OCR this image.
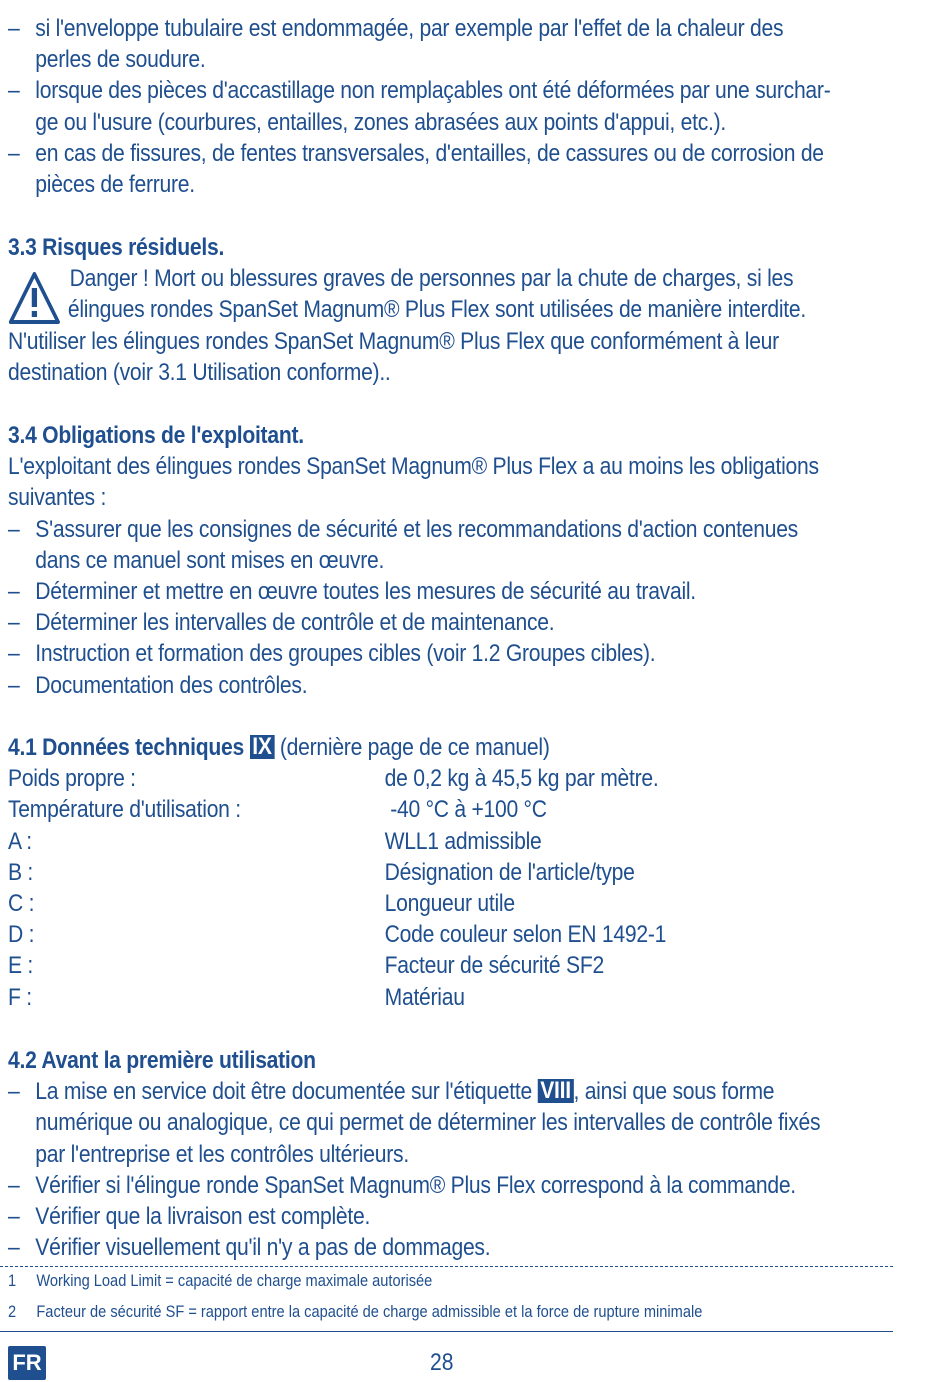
– si l'enveloppe tubulaire est endommagée, par exemple par l'effet de la chaleur des
perles de soudure.
– lorsque des pièces d'accastillage non remplaçables ont été déformées par une surchar-
ge ou l'usure (courbures, entailles, zones abrasées aux points d'appui, etc.).
– en cas de fissures, de fentes transversales, d'entailles, de cassures ou de corrosion de
pièces de ferrure.
3.3 Risques résiduels.
Danger ! Mort ou blessures graves de personnes par la chute de charges, si les
élingues rondes SpanSet Magnum® Plus Flex sont utilisées de manière interdite.
N'utiliser les élingues rondes SpanSet Magnum® Plus Flex que conformément à leur
destination (voir 3.1 Utilisation conforme)..
3.4 Obligations de l'exploitant.
L'exploitant des élingues rondes SpanSet Magnum® Plus Flex a au moins les obligations
suivantes :
– S'assurer que les consignes de sécurité et les recommandations d'action contenues
dans ce manuel sont mises en œuvre.
– Déterminer et mettre en œuvre toutes les mesures de sécurité au travail.
– Déterminer les intervalles de contrôle et de maintenance.
– Instruction et formation des groupes cibles (voir 1.2 Groupes cibles).
– Documentation des contrôles.
4.1 Données techniques IX (dernière page de ce manuel)
Poids propre :	de 0,2 kg à 45,5 kg par mètre.
Température d'utilisation :	-40 °C à +100 °C
A :	WLL1 admissible
B :	Désignation de l'article/type
C :	Longueur utile
D :	Code couleur selon EN 1492-1
E :	Facteur de sécurité SF2
F :	Matériau
4.2 Avant la première utilisation
– La mise en service doit être documentée sur l'étiquette VIII , ainsi que sous forme
numérique ou analogique, ce qui permet de déterminer les intervalles de contrôle fixés
par l'entreprise et les contrôles ultérieurs.
– Vérifier si l'élingue ronde SpanSet Magnum® Plus Flex correspond à la commande.
– Vérifier que la livraison est complète.
– Vérifier visuellement qu'il n'y a pas de dommages.
1 Working Load Limit = capacité de charge maximale autorisée
2 Facteur de sécurité SF = rapport entre la capacité de charge admissible et la force de rupture minimale
FR	28
